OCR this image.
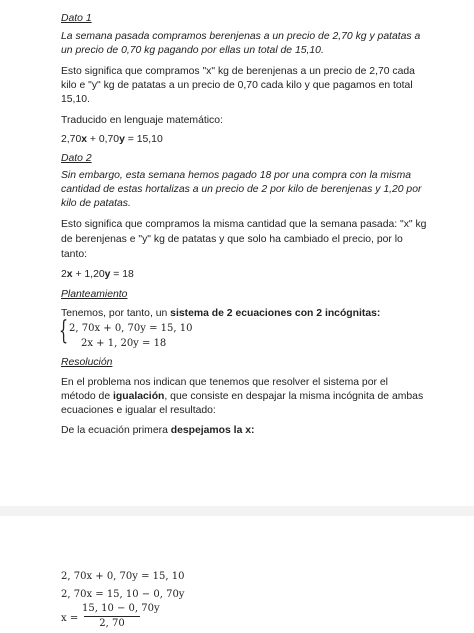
Dato 1
La semana pasada compramos berenjenas a un precio de 2,70 kg y patatas a
un precio de 0,70 kg pagando por ellas un total de 15,10.
Esto significa que compramos "x" kg de berenjenas a un precio de 2,70 cada
kilo e "y" kg de patatas a un precio de 0,70 cada kilo y que pagamos en total
15,10.
Traducido en lenguaje matemático:
2,70x + 0,70y = 15,10
Dato 2
Sin embargo, esta semana hemos pagado 18 por una compra con la misma
cantidad de estas hortalizas a un precio de 2 por kilo de berenjenas y 1,20 por
kilo de patatas.
Esto significa que compramos la misma cantidad que la semana pasada: "x" kg
de berenjenas e "y" kg de patatas y que solo ha cambiado el precio, por lo
tanto:
2x + 1,20y = 18
Planteamiento
Tenemos, por tanto, un sistema de 2 ecuaciones con 2 incógnitas:
{ 2, 70x + 0, 70y = 15, 10
2x + 1, 20y = 18
Resolución
En el problema nos indican que tenemos que resolver el sistema por el
método de igualación, que consiste en despajar la misma incógnita de ambas
ecuaciones e igualar el resultado:
De la ecuación primera despejamos la x:
2, 70x + 0, 70y = 15, 10
2, 70x = 15, 10 − 0, 70y
x =
15, 10 − 0, 70y
2, 70
